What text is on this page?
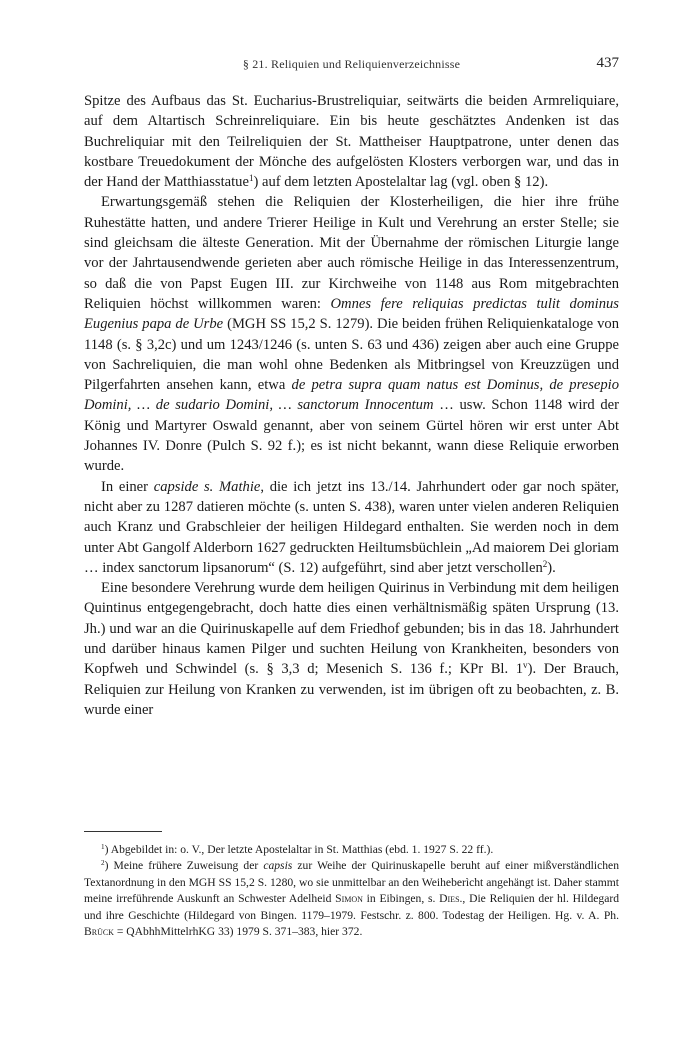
§ 21. Reliquien und Reliquienverzeichnisse	437

Spitze des Aufbaus das St. Eucharius-Brustreliquiar, seitwärts die beiden Armreliquiare, auf dem Altartisch Schreinreliquiare. Ein bis heute geschätztes Andenken ist das Buchreliquiar mit den Teilreliquien der St. Mattheiser Hauptpatrone, unter denen das kostbare Treuedokument der Mönche des aufgelösten Klosters verborgen war, und das in der Hand der Matthiasstatue$^1$) auf dem letzten Apostelaltar lag (vgl. oben § 12).

Erwartungsgemäß stehen die Reliquien der Klosterheiligen, die hier ihre frühe Ruhestätte hatten, und andere Trierer Heilige in Kult und Verehrung an erster Stelle; sie sind gleichsam die älteste Generation. Mit der Übernahme der römischen Liturgie lange vor der Jahrtausendwende gerieten aber auch römische Heilige in das Interessenzentrum, so daß die von Papst Eugen III. zur Kirchweihe von 1148 aus Rom mitgebrachten Reliquien höchst willkommen waren: Omnes fere reliquias predictas tulit dominus Eugenius papa de Urbe (MGH SS 15,2 S. 1279). Die beiden frühen Reliquienkataloge von 1148 (s. § 3,2c) und um 1243/1246 (s. unten S. 63 und 436) zeigen aber auch eine Gruppe von Sachreliquien, die man wohl ohne Bedenken als Mitbringsel von Kreuzzügen und Pilgerfahrten ansehen kann, etwa de petra supra quam natus est Dominus, de presepio Domini, … de sudario Domini, … sanctorum Innocentum … usw. Schon 1148 wird der König und Martyrer Oswald genannt, aber von seinem Gürtel hören wir erst unter Abt Johannes IV. Donre (Pulch S. 92 f.); es ist nicht bekannt, wann diese Reliquie erworben wurde.

In einer capside s. Mathie, die ich jetzt ins 13./14. Jahrhundert oder gar noch später, nicht aber zu 1287 datieren möchte (s. unten S. 438), waren unter vielen anderen Reliquien auch Kranz und Grabschleier der heiligen Hildegard enthalten. Sie werden noch in dem unter Abt Gangolf Alderborn 1627 gedruckten Heiltumsbüchlein „Ad maiorem Dei gloriam … index sanctorum lipsanorum“ (S. 12) aufgeführt, sind aber jetzt verschollen$^2$).

Eine besondere Verehrung wurde dem heiligen Quirinus in Verbindung mit dem heiligen Quintinus entgegengebracht, doch hatte dies einen verhältnismäßig späten Ursprung (13. Jh.) und war an die Quirinuskapelle auf dem Friedhof gebunden; bis in das 18. Jahrhundert und darüber hinaus kamen Pilger und suchten Heilung von Krankheiten, besonders von Kopfweh und Schwindel (s. § 3,3 d; Mesenich S. 136 f.; KPr Bl. 1$^v$). Der Brauch, Reliquien zur Heilung von Kranken zu verwenden, ist im übrigen oft zu beobachten, z. B. wurde einer

$^1$) Abgebildet in: o. V., Der letzte Apostelaltar in St. Matthias (ebd. 1. 1927 S. 22 ff.).

$^2$) Meine frühere Zuweisung der capsis zur Weihe der Quirinuskapelle beruht auf einer mißverständlichen Textanordnung in den MGH SS 15,2 S. 1280, wo sie unmittelbar an den Weiheberìcht angehängt ist. Daher stammt meine irreführende Auskunft an Schwester Adelheid Simon in Eibingen, s. Dies., Die Reliquien der hl. Hildegard und ihre Geschichte (Hildegard von Bingen. 1179–1979. Festschr. z. 800. Todestag der Heiligen. Hg. v. A. Ph. Brück = QAbhhMittelrhKG 33) 1979 S. 371–383, hier 372.
